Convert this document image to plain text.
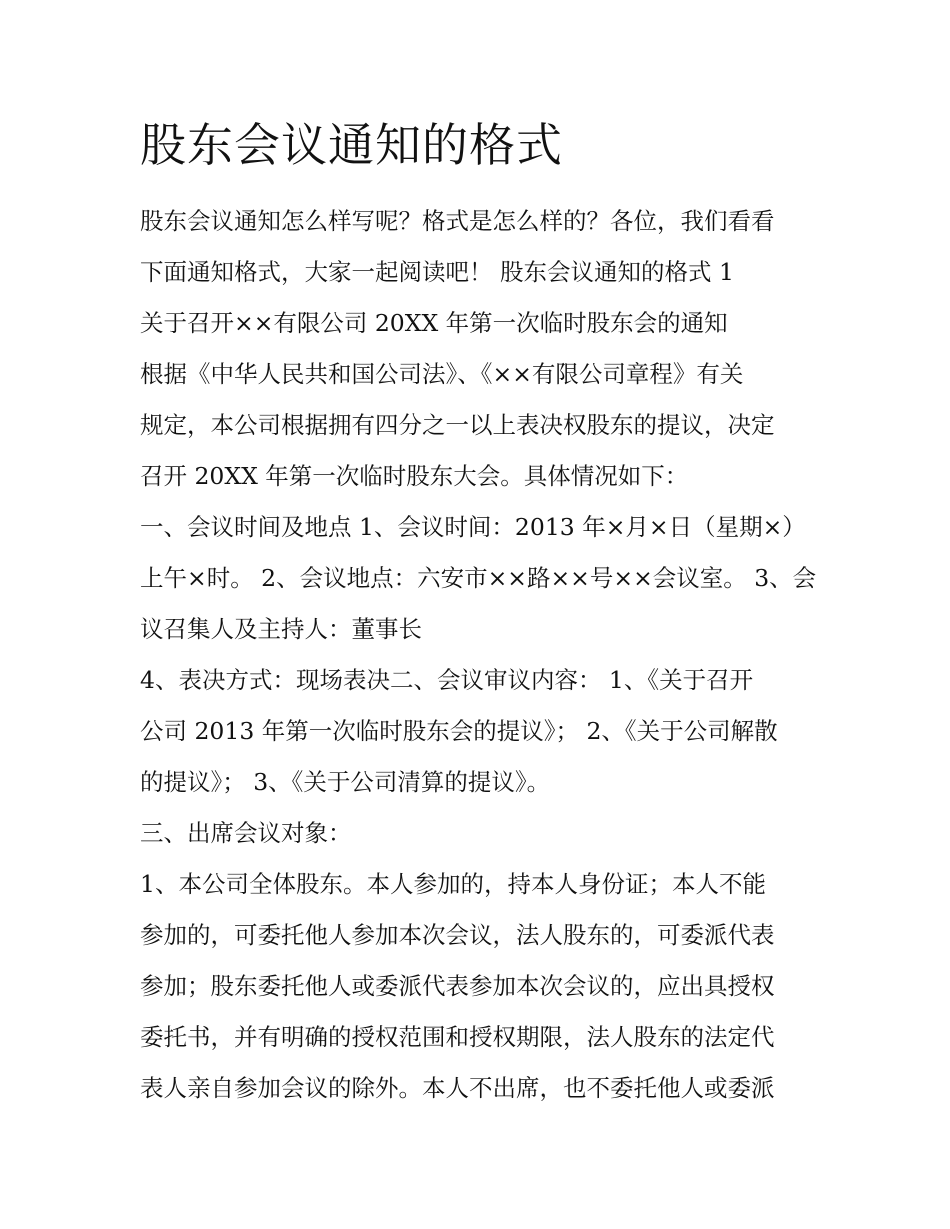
股东会议通知的格式

股东会议通知怎么样写呢？格式是怎么样的？各位，我们看看

下面通知格式，大家一起阅读吧！ 股东会议通知的格式 1

关于召开××有限公司 20XX 年第一次临时股东会的通知

根据《中华人民共和国公司法》、《××有限公司章程》有关

规定，本公司根据拥有四分之一以上表决权股东的提议，决定

召开 20XX 年第一次临时股东大会。具体情况如下：

一、会议时间及地点 1、会议时间：2013 年×月×日（星期×）

上午×时。 2、会议地点：六安市××路××号××会议室。 3、会

议召集人及主持人：董事长

4、表决方式：现场表决二、会议审议内容： 1、《关于召开

公司 2013 年第一次临时股东会的提议》； 2、《关于公司解散

的提议》； 3、《关于公司清算的提议》。

三、出席会议对象：

1、本公司全体股东。本人参加的，持本人身份证；本人不能

参加的，可委托他人参加本次会议，法人股东的，可委派代表

参加；股东委托他人或委派代表参加本次会议的，应出具授权

委托书，并有明确的授权范围和授权期限，法人股东的法定代

表人亲自参加会议的除外。本人不出席，也不委托他人或委派
